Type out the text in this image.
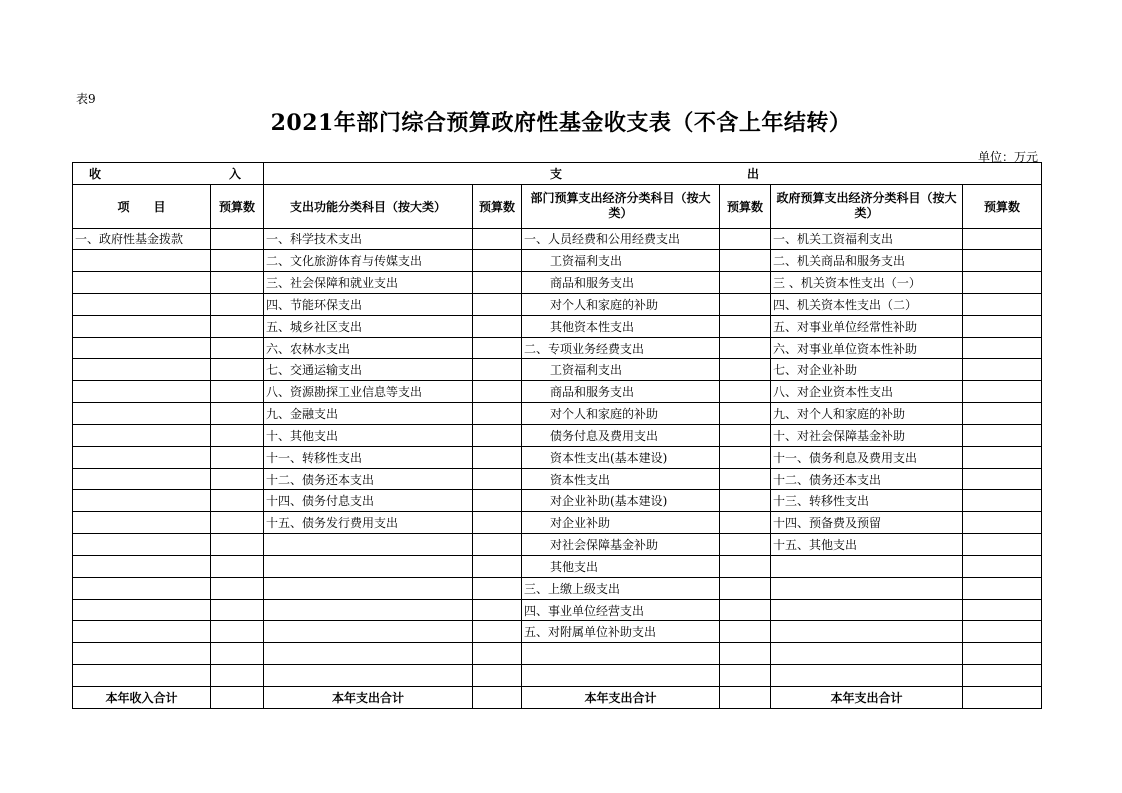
表9
2021年部门综合预算政府性基金收支表（不含上年结转）
单位：万元
收 入		支 出					

项　　目	预算数	支出功能分类科目（按大类）	预算数	部门预算支出经济分类科目（按大类）	预算数	政府预算支出经济分类科目（按大类）	预算数
一、政府性基金拨款		一、科学技术支出		一、人员经费和公用经费支出		一、机关工资福利支出	
		二、文化旅游体育与传媒支出		工资福利支出		二、机关商品和服务支出	
		三、社会保障和就业支出		商品和服务支出		三 、机关资本性支出（一）	
		四、节能环保支出		对个人和家庭的补助		四、机关资本性支出（二）	
		五、城乡社区支出		其他资本性支出		五、对事业单位经常性补助	
		六、农林水支出		二、专项业务经费支出		六、对事业单位资本性补助	
		七、交通运输支出		工资福利支出		七、对企业补助	
		八、资源勘探工业信息等支出		商品和服务支出		八、对企业资本性支出	
		九、金融支出		对个人和家庭的补助		九、对个人和家庭的补助	
		十、其他支出		债务付息及费用支出		十、对社会保障基金补助	
		十一、转移性支出		资本性支出(基本建设)		十一、债务利息及费用支出	
		十二、债务还本支出		资本性支出		十二、债务还本支出	
		十四、债务付息支出		对企业补助(基本建设)		十三、转移性支出	
		十五、债务发行费用支出		对企业补助		十四、预备费及预留	
				对社会保障基金补助		十五、其他支出	
				其他支出			
				三、上缴上级支出			
				四、事业单位经营支出			
				五、对附属单位补助支出			

本年收入合计		本年支出合计		本年支出合计		本年支出合计	
